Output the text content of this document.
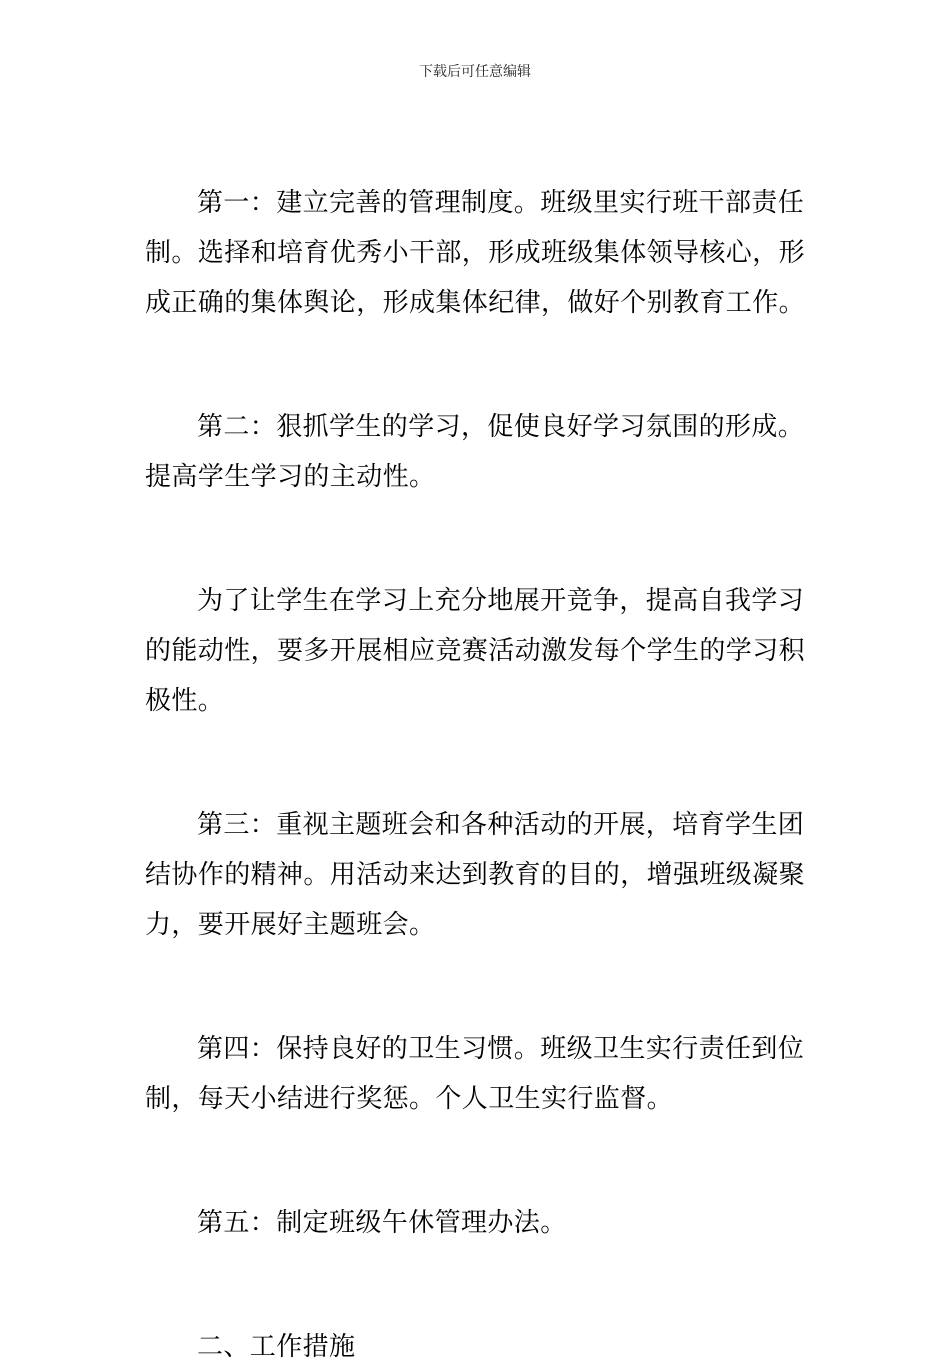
下载后可任意编辑

第一：建立完善的管理制度。班级里实行班干部责任制。选择和培育优秀小干部，形成班级集体领导核心，形成正确的集体舆论，形成集体纪律，做好个别教育工作。

第二：狠抓学生的学习，促使良好学习氛围的形成。提高学生学习的主动性。

为了让学生在学习上充分地展开竞争，提高自我学习的能动性，要多开展相应竞赛活动激发每个学生的学习积极性。

第三：重视主题班会和各种活动的开展，培育学生团结协作的精神。用活动来达到教育的目的，增强班级凝聚力，要开展好主题班会。

第四：保持良好的卫生习惯。班级卫生实行责任到位制，每天小结进行奖惩。个人卫生实行监督。

第五：制定班级午休管理办法。

二、工作措施
